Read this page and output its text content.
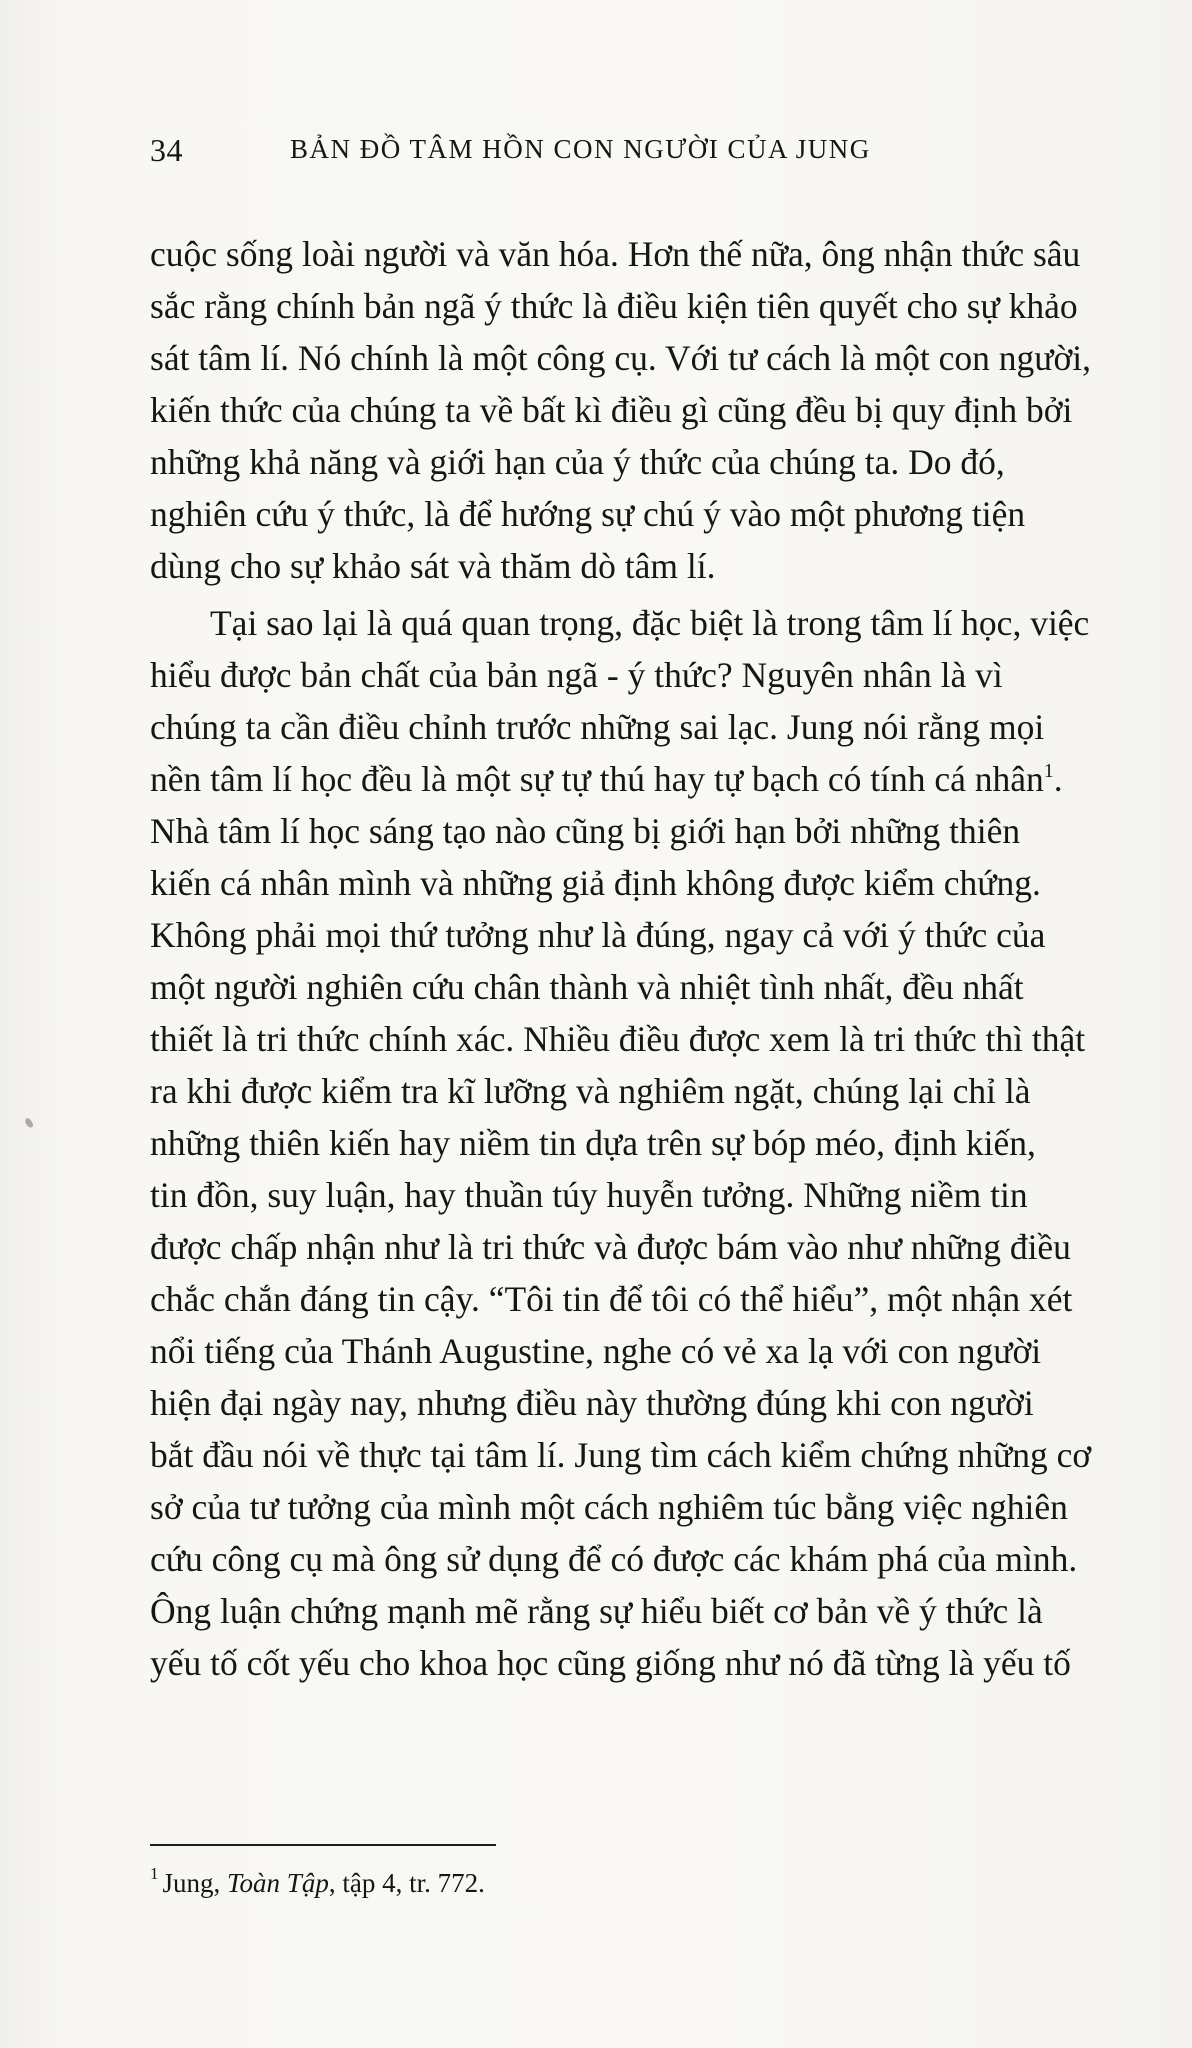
34	BẢN ĐỒ TÂM HỒN CON NGƯỜI CỦA JUNG
cuộc sống loài người và văn hóa. Hơn thế nữa, ông nhận thức sâu
sắc rằng chính bản ngã ý thức là điều kiện tiên quyết cho sự khảo
sát tâm lí. Nó chính là một công cụ. Với tư cách là một con người,
kiến thức của chúng ta về bất kì điều gì cũng đều bị quy định bởi
những khả năng và giới hạn của ý thức của chúng ta. Do đó,
nghiên cứu ý thức, là để hướng sự chú ý vào một phương tiện
dùng cho sự khảo sát và thăm dò tâm lí.
Tại sao lại là quá quan trọng, đặc biệt là trong tâm lí học, việc
hiểu được bản chất của bản ngã - ý thức? Nguyên nhân là vì
chúng ta cần điều chỉnh trước những sai lạc. Jung nói rằng mọi
nền tâm lí học đều là một sự tự thú hay tự bạch có tính cá nhân$^1$.
Nhà tâm lí học sáng tạo nào cũng bị giới hạn bởi những thiên
kiến cá nhân mình và những giả định không được kiểm chứng.
Không phải mọi thứ tưởng như là đúng, ngay cả với ý thức của
một người nghiên cứu chân thành và nhiệt tình nhất, đều nhất
thiết là tri thức chính xác. Nhiều điều được xem là tri thức thì thật
ra khi được kiểm tra kĩ lưỡng và nghiêm ngặt, chúng lại chỉ là
những thiên kiến hay niềm tin dựa trên sự bóp méo, định kiến,
tin đồn, suy luận, hay thuần túy huyễn tưởng. Những niềm tin
được chấp nhận như là tri thức và được bám vào như những điều
chắc chắn đáng tin cậy. “Tôi tin để tôi có thể hiểu”, một nhận xét
nổi tiếng của Thánh Augustine, nghe có vẻ xa lạ với con người
hiện đại ngày nay, nhưng điều này thường đúng khi con người
bắt đầu nói về thực tại tâm lí. Jung tìm cách kiểm chứng những cơ
sở của tư tưởng của mình một cách nghiêm túc bằng việc nghiên
cứu công cụ mà ông sử dụng để có được các khám phá của mình.
Ông luận chứng mạnh mẽ rằng sự hiểu biết cơ bản về ý thức là
yếu tố cốt yếu cho khoa học cũng giống như nó đã từng là yếu tố
$^1$ Jung, Toàn Tập, tập 4, tr. 772.
